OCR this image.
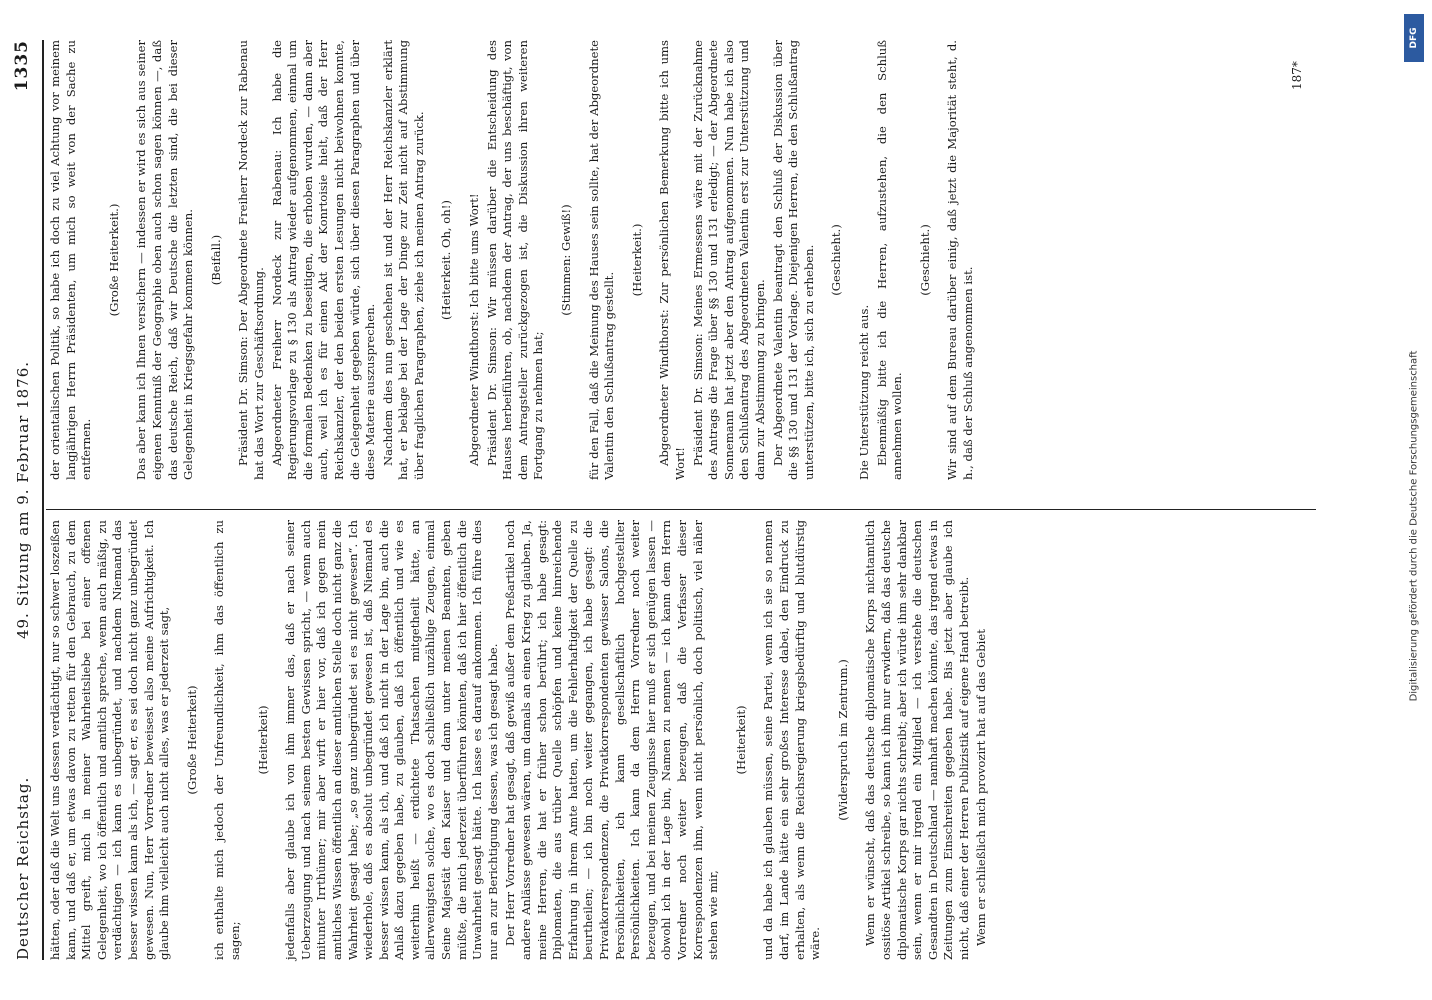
Deutscher Reichstag.
49. Sitzung am 9. Februar 1876.
1335

hätten, oder daß die Welt uns dessen verdächtigt, nur so schwer loszeißen kann, und daß er, um etwas davon zu retten für den Gebrauch, zu dem Mittel greift, mich in meiner Wahrheitsliebe bei einer offenen Gelegenheit, wo ich öffentlich und amtlich spreche, wenn auch mäßig, zu verdächtigen — ich kann es unbegründet, und nachdem Niemand das besser wissen kann als ich, — sagt er, es sei doch nicht ganz unbegründet gewesen. Nun, Herr Vorredner beweisest also meine Aufrichtigkeit. Ich glaube ihm vielleicht auch nicht alles, was er jederzeit sagt, (Große Heiterkeit) ich enthalte mich jedoch der Unfreundlichkeit, ihm das öffentlich zu sagen;

(Heiterkeit) jedenfalls aber glaube ich von ihm immer das, daß er nach seiner Ueberzeugung und nach seinem besten Gewissen spricht, — wenn auch mitunter Irrthümer; mir aber wirft er hier vor, daß ich gegen mein amtliches Wissen öffentlich an dieser amtlichen Stelle doch nicht ganz die Wahrheit gesagt habe; „so ganz unbegründet sei es nicht gewesen“. Ich wiederhole, daß es absolut unbegründet gewesen ist, daß Niemand es besser wissen kann, als ich, und daß ich nicht in der Lage bin, auch die Anlaß dazu gegeben habe, zu glauben, daß ich öffentlich und wie es weiterhin heißt — erdichtete Thatsachen mitgetheilt hätte, an allerwenigsten solche, wo es doch schließlich unzählige Zeugen, einmal Seine Majestät den Kaiser und dann unter meinen Beamten, geben müßte, die mich jederzeit überführen könnten, daß ich hier öffentlich die Unwahrheit gesagt hätte. Ich lasse es darauf ankommen. Ich führe dies nur an zur Berichtigung dessen, was ich gesagt habe. Der Herr Vorredner hat gesagt, daß gewiß außer dem Preßartikel noch andere Anlässe gewesen wären, um damals an einen Krieg zu glauben. Ja, meine Herren, die hat er früher schon berührt; ich habe gesagt: Diplomaten, die aus trüber Quelle schöpfen und keine hinreichende Erfahrung in ihrem Amte hatten, um die Fehlerhaftigkeit der Quelle zu beurtheilen; — ich bin noch weiter gegangen, ich habe gesagt: die Privatkorrespondenzen, die Privatkorrespondenten gewisser Salons, die Persönlichkeiten, ich kann gesellschaftlich hochgestellter Persönlichkeiten. Ich kann da dem Herrn Vorredner noch weiter bezeugen, und bei meinen Zeugnisse hier muß er sich genügen lassen — obwohl ich in der Lage bin, Namen zu nennen — ich kann dem Herrn Vorredner noch weiter bezeugen, daß die Verfasser dieser Korrespondenzen ihm, wenn nicht persönlich, doch politisch, viel näher stehen wie mir,

(Heiterkeit) und da habe ich glauben müssen, seine Partei, wenn ich sie so nennen darf, im Lande hätte ein sehr großes Interesse dabei, den Eindruck zu erhalten, als wenn die Reichsregierung kriegsbedürftig und blutdürstig wäre.

(Widerspruch im Zentrum.) Wenn er wünscht, daß das deutsche diplomatische Korps nichtamtlich ossitöse Artikel schreibe, so kann ich ihm nur erwidern, daß das deutsche diplomatische Korps gar nichts schreibt; aber ich würde ihm sehr dankbar sein, wenn er mir irgend ein Mitglied — ich verstehe die deutschen Gesandten in Deutschland — namhaft machen könnte, das irgend etwas in Zeitungen zum Einschreiten gegeben habe. Bis jetzt aber glaube ich nicht, daß einer der Herren Publizistik auf eigene Hand betreibt. Wenn er schließlich mich provozirt hat auf das Gebiet

der orientalischen Politik, so habe ich doch zu viel Achtung vor meinem langjährigen Herrn Präsidenten, um mich so weit von der Sache zu entfernen.

(Große Heiterkeit.) Das aber kann ich Ihnen versichern — indessen er wird es sich aus seiner eigenen Kenntniß der Geographie oben auch schon sagen können —, daß das deutsche Reich, daß wir Deutsche die letzten sind, die bei dieser Gelegenheit in Kriegsgefahr kommen können. (Beifall.) Präsident Dr. Simson: Der Abgeordnete Freiherr Nordeck zur Rabenau hat das Wort zur Geschäftsordnung. Abgeordneter Freiherr Nordeck zur Rabenau: Ich habe die Regierungsvorlage zu § 130 als Antrag wieder aufgenommen, einmal um die formalen Bedenken zu beseitigen, die erhoben wurden, — dann aber auch, weil ich es für einen Akt der Konrtoisie hielt, daß der Herr Reichskanzler, der den beiden ersten Lesungen nicht beiwohnen konnte, die Gelegenheit gegeben würde, sich über diesen Paragraphen und über diese Materie auszusprechen. Nachdem dies nun geschehen ist und der Herr Reichskanzler erklärt hat, er beklage bei der Lage der Dinge zur Zeit nicht auf Abstimmung über fraglichen Paragraphen, ziehe ich meinen Antrag zurück. (Heiterkeit. Oh, oh!) Abgeordneter Windthorst: Ich bitte ums Wort! Präsident Dr. Simson: Wir müssen darüber die Entscheidung des Hauses herbeiführen, ob, nachdem der Antrag, der uns beschäftigt, von dem Antragsteller zurückgezogen ist, die Diskussion ihren weiteren Fortgang zu nehmen hat;

(Stimmen: Gewiß!) für den Fall, daß die Meinung des Hauses sein sollte, hat der Abgeordnete Valentin den Schlußantrag gestellt.

(Heiterkeit.) Abgeordneter Windthorst: Zur persönlichen Bemerkung bitte ich ums Wort! Präsident Dr. Simson: Meines Ermessens wäre mit der Zurücknahme des Antrags die Frage über §§ 130 und 131 erledigt; — der Abgeordnete Sonnemann hat jetzt aber den Antrag aufgenommen. Nun habe ich also den Schlußantrag des Abgeordneten Valentin erst zur Unterstützung und dann zur Abstimmung zu bringen. Der Abgeordnete Valentin beantragt den Schluß der Diskussion über die §§ 130 und 131 der Vorlage. Diejenigen Herren, die den Schlußantrag unterstützen, bitte ich, sich zu erheben. (Geschieht.)

Die Unterstützung reicht aus. Ebenmäßig bitte ich die Herren, aufzustehen, die den Schluß annehmen wollen.

(Geschieht.) Wir sind auf dem Bureau darüber einig, daß jetzt die Majorität steht, d. h., daß der Schluß angenommen ist.

187*
DFG
Digitalisierung gefördert durch die Deutsche Forschungsgemeinschaft
